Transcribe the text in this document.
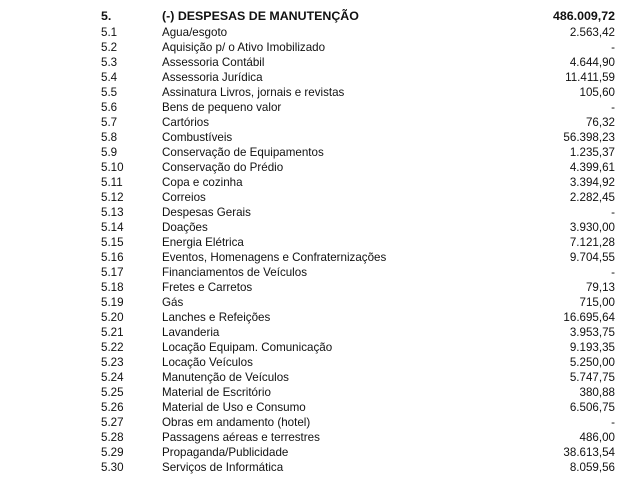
5.	(-) DESPESAS DE MANUTENÇÃO	486.009,72
5.1	Agua/esgoto	2.563,42
5.2	Aquisição p/ o Ativo Imobilizado	-
5.3	Assessoria Contábil	4.644,90
5.4	Assessoria Jurídica	11.411,59
5.5	Assinatura Livros, jornais e revistas	105,60
5.6	Bens de pequeno valor	-
5.7	Cartórios	76,32
5.8	Combustíveis	56.398,23
5.9	Conservação de Equipamentos	1.235,37
5.10	Conservação do Prédio	4.399,61
5.11	Copa e cozinha	3.394,92
5.12	Correios	2.282,45
5.13	Despesas Gerais	-
5.14	Doações	3.930,00
5.15	Energia Elétrica	7.121,28
5.16	Eventos, Homenagens e Confraternizações	9.704,55
5.17	Financiamentos de Veículos	-
5.18	Fretes e Carretos	79,13
5.19	Gás	715,00
5.20	Lanches e Refeições	16.695,64
5.21	Lavanderia	3.953,75
5.22	Locação Equipam. Comunicação	9.193,35
5.23	Locação Veículos	5.250,00
5.24	Manutenção de Veículos	5.747,75
5.25	Material de Escritório	380,88
5.26	Material de Uso e Consumo	6.506,75
5.27	Obras em andamento (hotel)	-
5.28	Passagens aéreas e terrestres	486,00
5.29	Propaganda/Publicidade	38.613,54
5.30	Serviços de Informática	8.059,56
